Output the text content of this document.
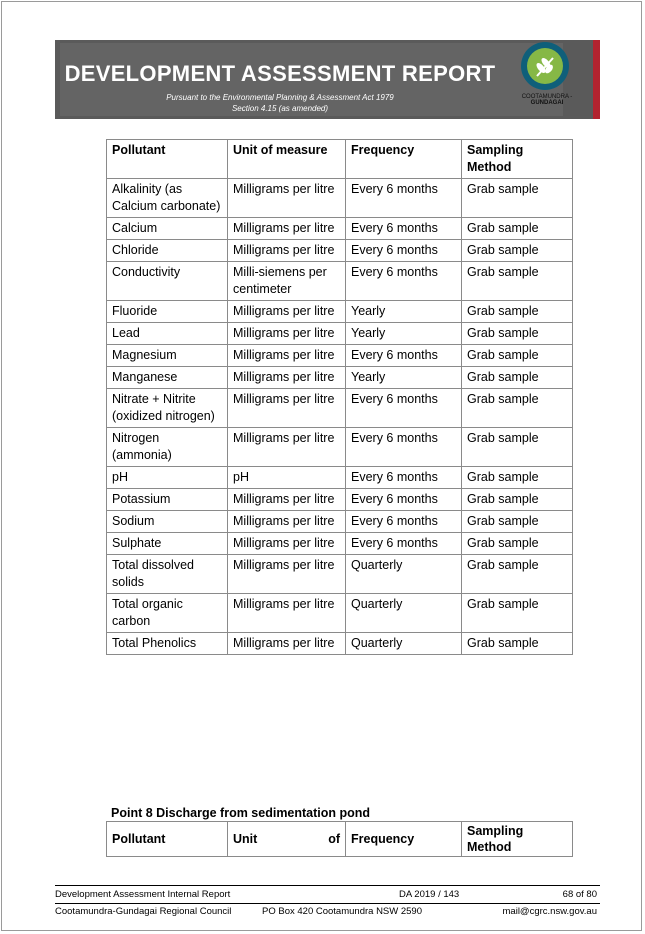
DEVELOPMENT ASSESSMENT REPORT
Pursuant to the Environmental Planning & Assessment Act 1979
Section 4.15 (as amended)
COOTAMUNDRA -
GUNDAGAI
Pollutant	Unit of measure	Frequency	Sampling Method
Alkalinity (as Calcium carbonate)	Milligrams per litre	Every 6 months	Grab sample
Calcium	Milligrams per litre	Every 6 months	Grab sample
Chloride	Milligrams per litre	Every 6 months	Grab sample
Conductivity	Milli-siemens per centimeter	Every 6 months	Grab sample
Fluoride	Milligrams per litre	Yearly	Grab sample
Lead	Milligrams per litre	Yearly	Grab sample
Magnesium	Milligrams per litre	Every 6 months	Grab sample
Manganese	Milligrams per litre	Yearly	Grab sample
Nitrate + Nitrite (oxidized nitrogen)	Milligrams per litre	Every 6 months	Grab sample
Nitrogen (ammonia)	Milligrams per litre	Every 6 months	Grab sample
pH	pH	Every 6 months	Grab sample
Potassium	Milligrams per litre	Every 6 months	Grab sample
Sodium	Milligrams per litre	Every 6 months	Grab sample
Sulphate	Milligrams per litre	Every 6 months	Grab sample
Total dissolved solids	Milligrams per litre	Quarterly	Grab sample
Total organic carbon	Milligrams per litre	Quarterly	Grab sample
Total Phenolics	Milligrams per litre	Quarterly	Grab sample
Point 8 Discharge from sedimentation pond
Pollutant	Unit of	Frequency	Sampling Method
Development Assessment Internal Report	DA 2019 / 143	68 of 80
Cootamundra-Gundagai Regional Council	PO Box 420 Cootamundra NSW 2590	mail@cgrc.nsw.gov.au
